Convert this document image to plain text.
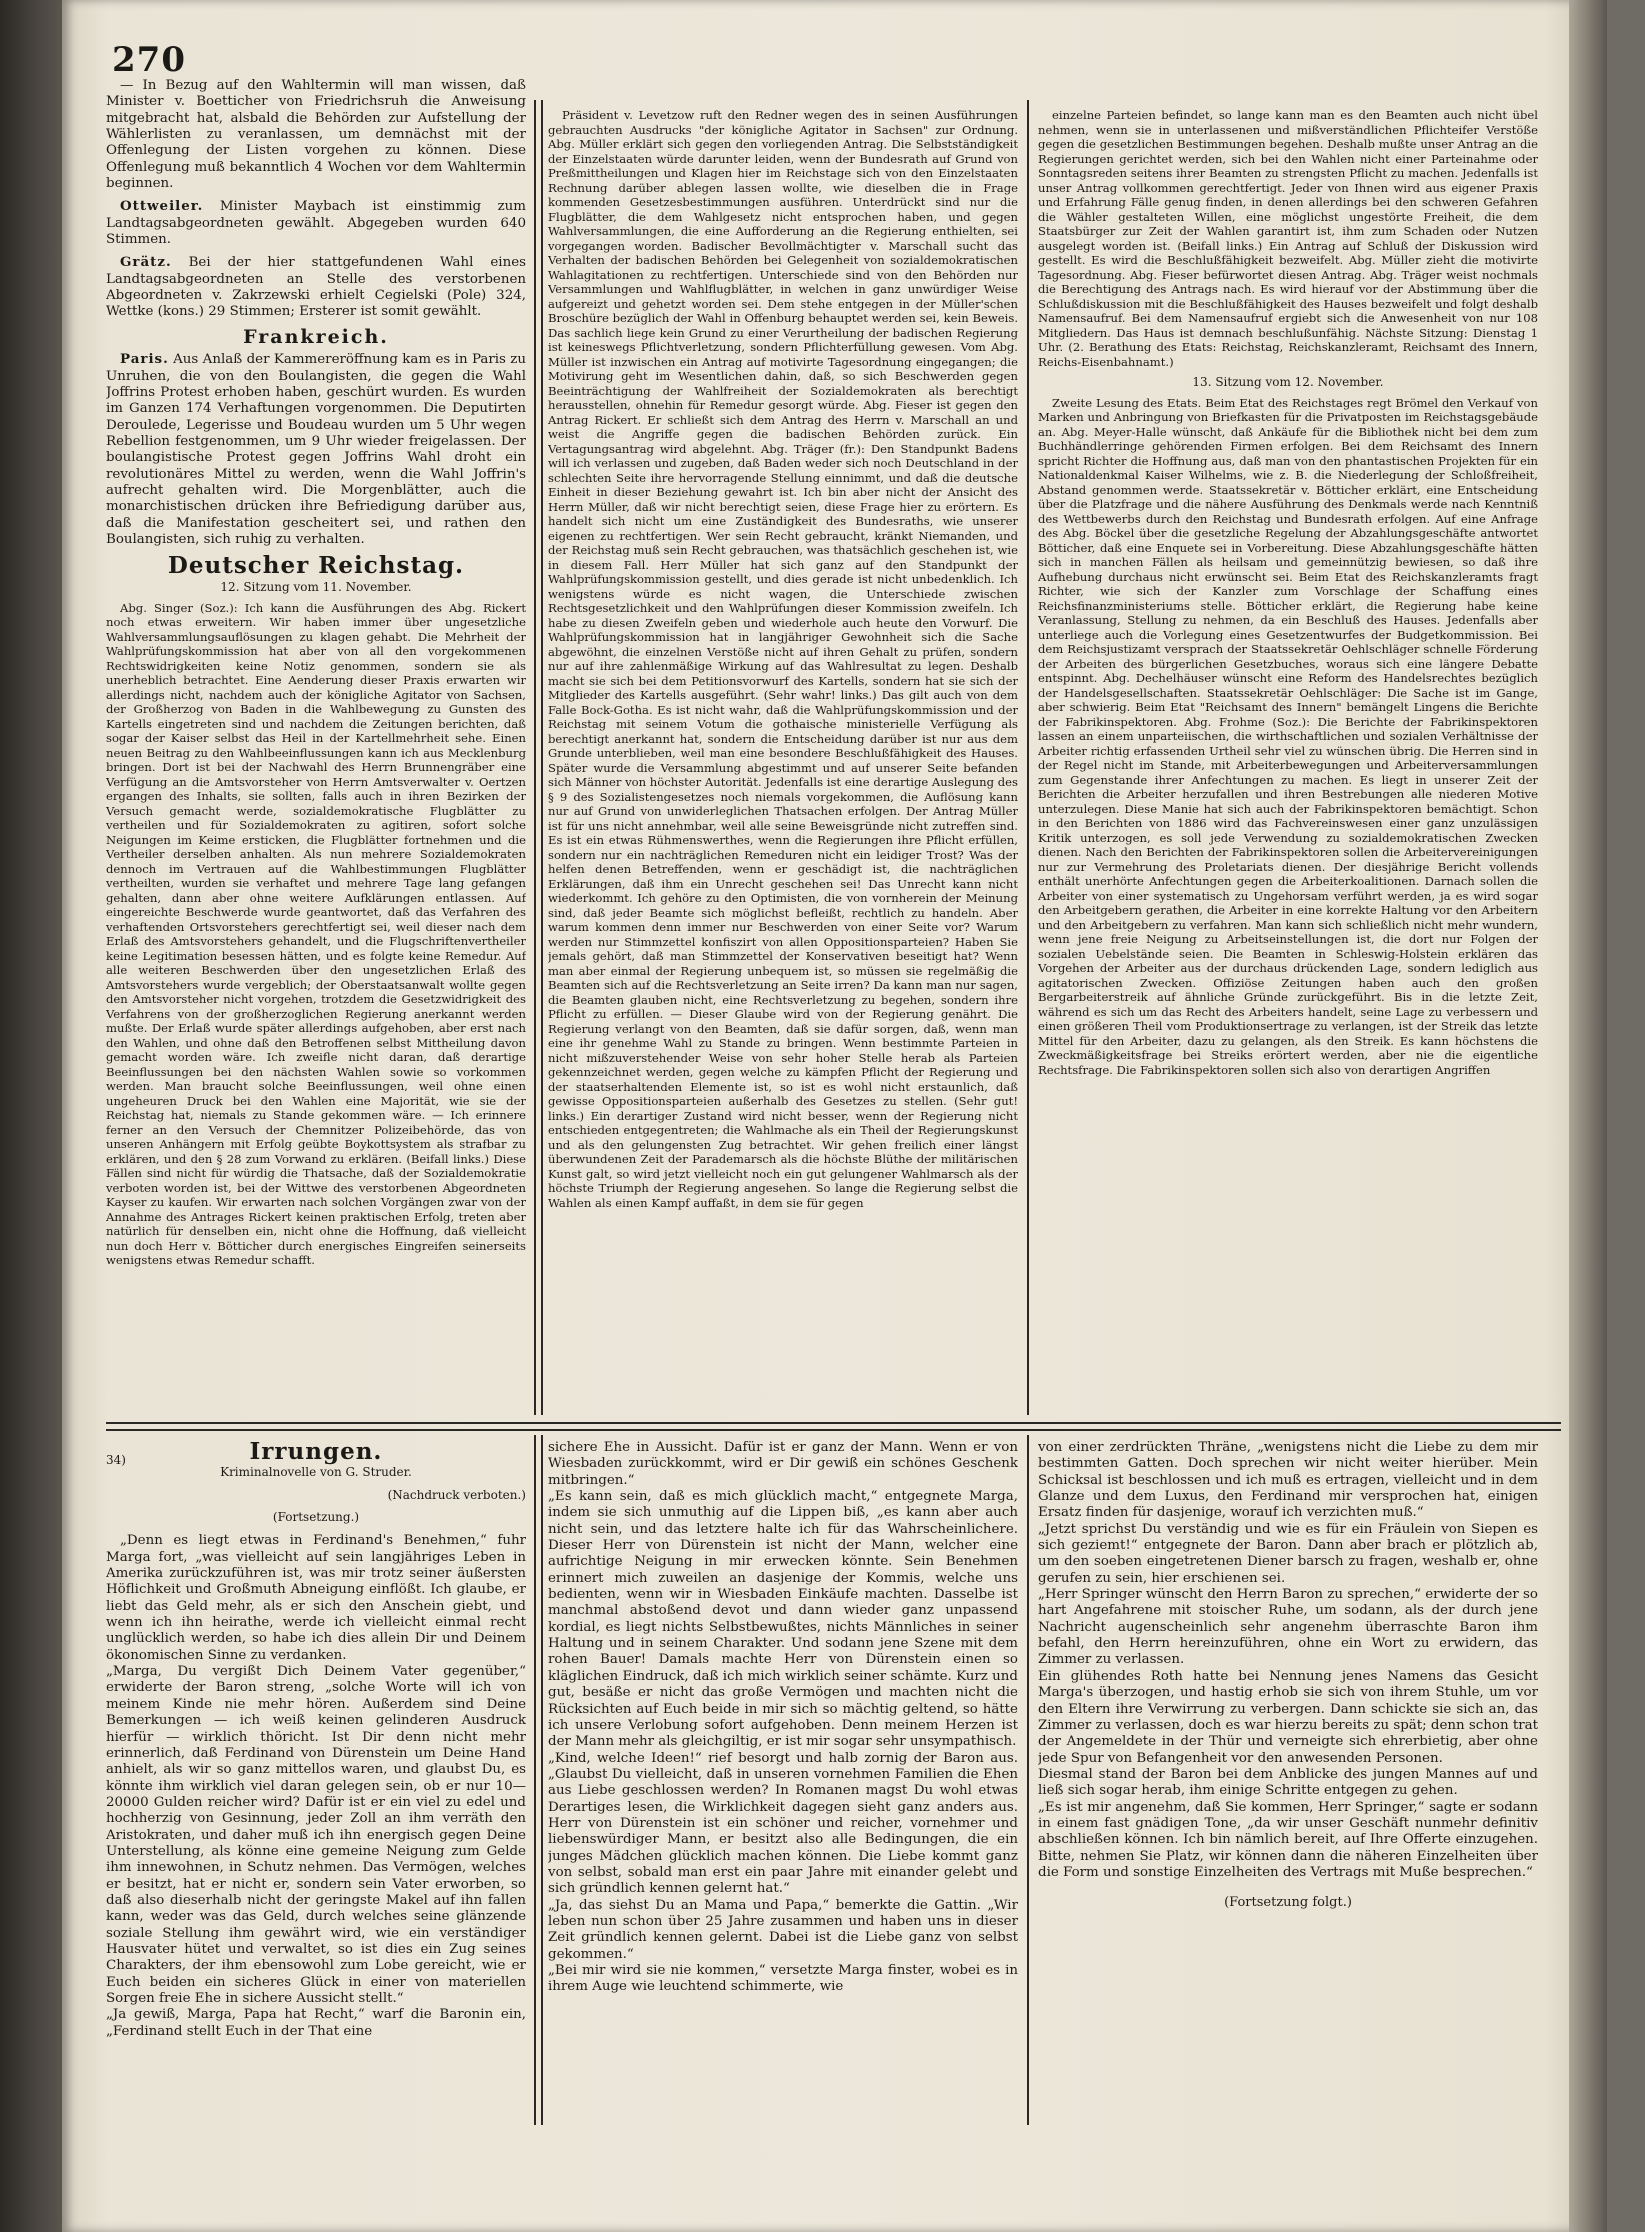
270

— In Bezug auf den Wahltermin will man wissen, daß Minister v. Boetticher von Friedrichsruh die Anweisung mitgebracht hat, alsbald die Behörden zur Aufstellung der Wählerlisten zu veranlassen, um demnächst mit der Offenlegung der Listen vorgehen zu können. Diese Offenlegung muß bekanntlich 4 Wochen vor dem Wahltermin beginnen.

Ottweiler. Minister Maybach ist einstimmig zum Landtagsabgeordneten gewählt. Abgegeben wurden 640 Stimmen.

Grätz. Bei der hier stattgefundenen Wahl eines Landtagsabgeordneten an Stelle des verstorbenen Abgeordneten v. Zakrzewski erhielt Cegielski (Pole) 324, Wettke (kons.) 29 Stimmen; Ersterer ist somit gewählt.

Frankreich.

Paris. Aus Anlaß der Kammereröffnung kam es in Paris zu Unruhen, die von den Boulangisten, die gegen die Wahl Joffrins Protest erhoben haben, geschürt wurden. Es wurden im Ganzen 174 Verhaftungen vorgenommen. Die Deputirten Deroulede, Legerisse und Boudeau wurden um 5 Uhr wegen Rebellion festgenommen, um 9 Uhr wieder freigelassen. Der boulangistische Protest gegen Joffrins Wahl droht ein revolutionäres Mittel zu werden, wenn die Wahl Joffrin's aufrecht gehalten wird. Die Morgenblätter, auch die monarchistischen drücken ihre Befriedigung darüber aus, daß die Manifestation gescheitert sei, und rathen den Boulangisten, sich ruhig zu verhalten.

Deutscher Reichstag.
12. Sitzung vom 11. November.

Abg. Singer (Soz.): Ich kann die Ausführungen des Abg. Rickert noch etwas erweitern. Wir haben immer über ungesetzliche Wahlversammlungsauflösungen zu klagen gehabt. Die Mehrheit der Wahlprüfungskommission hat aber von all den vorgekommenen Rechtswidrigkeiten keine Notiz genommen, sondern sie als unerheblich betrachtet. Eine Aenderung dieser Praxis erwarten wir allerdings nicht, nachdem auch der königliche Agitator von Sachsen, der Großherzog von Baden in die Wahlbewegung zu Gunsten des Kartells eingetreten sind und nachdem die Zeitungen berichten, daß sogar der Kaiser selbst das Heil in der Kartellmehrheit sehe. Einen neuen Beitrag zu den Wahlbeeinflussungen kann ich aus Mecklenburg bringen. Dort ist bei der Nachwahl des Herrn Brunnengräber eine Verfügung an die Amtsvorsteher von Herrn Amtsverwalter v. Oertzen ergangen des Inhalts, sie sollten, falls auch in ihren Bezirken der Versuch gemacht werde, sozialdemokratische Flugblätter zu vertheilen und für Sozialdemokraten zu agitiren, sofort solche Neigungen im Keime ersticken, die Flugblätter fortnehmen und die Vertheiler derselben anhalten. Als nun mehrere Sozialdemokraten dennoch im Vertrauen auf die Wahlbestimmungen Flugblätter vertheilten, wurden sie verhaftet und mehrere Tage lang gefangen gehalten, dann aber ohne weitere Aufklärungen entlassen. Auf eingereichte Beschwerde wurde geantwortet, daß das Verfahren des verhaftenden Ortsvorstehers gerechtfertigt sei, weil dieser nach dem Erlaß des Amtsvorstehers gehandelt, und die Flugschriftenvertheiler keine Legitimation besessen hätten, und es folgte keine Remedur. Auf alle weiteren Beschwerden über den ungesetzlichen Erlaß des Amtsvorstehers wurde vergeblich; der Oberstaatsanwalt wollte gegen den Amtsvorsteher nicht vorgehen, trotzdem die Gesetzwidrigkeit des Verfahrens von der großherzoglichen Regierung anerkannt werden mußte. Der Erlaß wurde später allerdings aufgehoben, aber erst nach den Wahlen, und ohne daß den Betroffenen selbst Mittheilung davon gemacht worden wäre. Ich zweifle nicht daran, daß derartige Beeinflussungen bei den nächsten Wahlen sowie so vorkommen werden. Man braucht solche Beeinflussungen, weil ohne einen ungeheuren Druck bei den Wahlen eine Majorität, wie sie der Reichstag hat, niemals zu Stande gekommen wäre. — Ich erinnere ferner an den Versuch der Chemnitzer Polizeibehörde, das von unseren Anhängern mit Erfolg geübte Boykottsystem als strafbar zu erklären, und den § 28 zum Vorwand zu erklären. (Beifall links.) Diese Fällen sind nicht für würdig die Thatsache, daß der Sozialdemokratie verboten worden ist, bei der Wittwe des verstorbenen Abgeordneten Kayser zu kaufen. Wir erwarten nach solchen Vorgängen zwar von der Annahme des Antrages Rickert keinen praktischen Erfolg, treten aber natürlich für denselben ein, nicht ohne die Hoffnung, daß vielleicht nun doch Herr v. Bötticher durch energisches Eingreifen seinerseits wenigstens etwas Remedur schafft.

Präsident v. Levetzow ruft den Redner wegen des in seinen Ausführungen gebrauchten Ausdrucks "der königliche Agitator in Sachsen" zur Ordnung. Abg. Müller erklärt sich gegen den vorliegenden Antrag. Die Selbstständigkeit der Einzelstaaten würde darunter leiden, wenn der Bundesrath auf Grund von Preßmittheilungen und Klagen hier im Reichstage sich von den Einzelstaaten Rechnung darüber ablegen lassen wollte, wie dieselben die in Frage kommenden Gesetzesbestimmungen ausführen. Unterdrückt sind nur die Flugblätter, die dem Wahlgesetz nicht entsprochen haben, und gegen Wahlversammlungen, die eine Aufforderung an die Regierung enthielten, sei vorgegangen worden. Badischer Bevollmächtigter v. Marschall sucht das Verhalten der badischen Behörden bei Gelegenheit von sozialdemokratischen Wahlagitationen zu rechtfertigen. Unterschiede sind von den Behörden nur Versammlungen und Wahlflugblätter, in welchen in ganz unwürdiger Weise aufgereizt und gehetzt worden sei. Dem stehe entgegen in der Müller'schen Broschüre bezüglich der Wahl in Offenburg behauptet werden sei, kein Beweis. Das sachlich liege kein Grund zu einer Verurtheilung der badischen Regierung ist keineswegs Pflichtverletzung, sondern Pflichterfüllung gewesen. Vom Abg. Müller ist inzwischen ein Antrag auf motivirte Tagesordnung eingegangen; die Motivirung geht im Wesentlichen dahin, daß, so sich Beschwerden gegen Beeinträchtigung der Wahlfreiheit der Sozialdemokraten als berechtigt herausstellen, ohnehin für Remedur gesorgt würde. Abg. Fieser ist gegen den Antrag Rickert. Er schließt sich dem Antrag des Herrn v. Marschall an und weist die Angriffe gegen die badischen Behörden zurück. Ein Vertagungsantrag wird abgelehnt. Abg. Träger (fr.): Den Standpunkt Badens will ich verlassen und zugeben, daß Baden weder sich noch Deutschland in der schlechten Seite ihre hervorragende Stellung einnimmt, und daß die deutsche Einheit in dieser Beziehung gewahrt ist. Ich bin aber nicht der Ansicht des Herrn Müller, daß wir nicht berechtigt seien, diese Frage hier zu erörtern. Es handelt sich nicht um eine Zuständigkeit des Bundesraths, wie unserer eigenen zu rechtfertigen. Wer sein Recht gebraucht, kränkt Niemanden, und der Reichstag muß sein Recht gebrauchen, was thatsächlich geschehen ist, wie in diesem Fall. Herr Müller hat sich ganz auf den Standpunkt der Wahlprüfungskommission gestellt, und dies gerade ist nicht unbedenklich. Ich wenigstens würde es nicht wagen, die Unterschiede zwischen Rechtsgesetzlichkeit und den Wahlprüfungen dieser Kommission zweifeln. Ich habe zu diesen Zweifeln geben und wiederhole auch heute den Vorwurf. Die Wahlprüfungskommission hat in langjähriger Gewohnheit sich die Sache abgewöhnt, die einzelnen Verstöße nicht auf ihren Gehalt zu prüfen, sondern nur auf ihre zahlenmäßige Wirkung auf das Wahlresultat zu legen. Deshalb macht sie sich bei dem Petitionsvorwurf des Kartells, sondern hat sie sich der Mitglieder des Kartells ausgeführt. (Sehr wahr! links.) Das gilt auch von dem Falle Bock-Gotha. Es ist nicht wahr, daß die Wahlprüfungskommission und der Reichstag mit seinem Votum die gothaische ministerielle Verfügung als berechtigt anerkannt hat, sondern die Entscheidung darüber ist nur aus dem Grunde unterblieben, weil man eine besondere Beschlußfähigkeit des Hauses. Später wurde die Versammlung abgestimmt und auf unserer Seite befanden sich Männer von höchster Autorität. Jedenfalls ist eine derartige Auslegung des § 9 des Sozialistengesetzes noch niemals vorgekommen, die Auflösung kann nur auf Grund von unwiderleglichen Thatsachen erfolgen. Der Antrag Müller ist für uns nicht annehmbar, weil alle seine Beweisgründe nicht zutreffen sind. Es ist ein etwas Rühmenswerthes, wenn die Regierungen ihre Pflicht erfüllen, sondern nur ein nachträglichen Remeduren nicht ein leidiger Trost? Was der helfen denen Betreffenden, wenn er geschädigt ist, die nachträglichen Erklärungen, daß ihm ein Unrecht geschehen sei! Das Unrecht kann nicht wiederkommt. Ich gehöre zu den Optimisten, die von vornherein der Meinung sind, daß jeder Beamte sich möglichst befleißt, rechtlich zu handeln. Aber warum kommen denn immer nur Beschwerden von einer Seite vor? Warum werden nur Stimmzettel konfiszirt von allen Oppositionsparteien? Haben Sie jemals gehört, daß man Stimmzettel der Konservativen beseitigt hat? Wenn man aber einmal der Regierung unbequem ist, so müssen sie regelmäßig die Beamten sich auf die Rechtsverletzung an Seite irren? Da kann man nur sagen, die Beamten glauben nicht, eine Rechtsverletzung zu begehen, sondern ihre Pflicht zu erfüllen. — Dieser Glaube wird von der Regierung genährt. Die Regierung verlangt von den Beamten, daß sie dafür sorgen, daß, wenn man eine ihr genehme Wahl zu Stande zu bringen. Wenn bestimmte Parteien in nicht mißzuverstehender Weise von sehr hoher Stelle herab als Parteien gekennzeichnet werden, gegen welche zu kämpfen Pflicht der Regierung und der staatserhaltenden Elemente ist, so ist es wohl nicht erstaunlich, daß gewisse Oppositionsparteien außerhalb des Gesetzes zu stellen. (Sehr gut! links.) Ein derartiger Zustand wird nicht besser, wenn der Regierung nicht entschieden entgegentreten; die Wahlmache als ein Theil der Regierungskunst und als den gelungensten Zug betrachtet. Wir gehen freilich einer längst überwundenen Zeit der Parademarsch als die höchste Blüthe der militärischen Kunst galt, so wird jetzt vielleicht noch ein gut gelungener Wahlmarsch als der höchste Triumph der Regierung angesehen. So lange die Regierung selbst die Wahlen als einen Kampf auffaßt, in dem sie für gegen

einzelne Parteien befindet, so lange kann man es den Beamten auch nicht übel nehmen, wenn sie in unterlassenen und mißverständlichen Pflichteifer Verstöße gegen die gesetzlichen Bestimmungen begehen. Deshalb mußte unser Antrag an die Regierungen gerichtet werden, sich bei den Wahlen nicht einer Parteinahme oder Sonntagsreden seitens ihrer Beamten zu strengsten Pflicht zu machen. Jedenfalls ist unser Antrag vollkommen gerechtfertigt. Jeder von Ihnen wird aus eigener Praxis und Erfahrung Fälle genug finden, in denen allerdings bei den schweren Gefahren die Wähler gestalteten Willen, eine möglichst ungestörte Freiheit, die dem Staatsbürger zur Zeit der Wahlen garantirt ist, ihm zum Schaden oder Nutzen ausgelegt worden ist. (Beifall links.) Ein Antrag auf Schluß der Diskussion wird gestellt. Es wird die Beschlußfähigkeit bezweifelt. Abg. Müller zieht die motivirte Tagesordnung. Abg. Fieser befürwortet diesen Antrag. Abg. Träger weist nochmals die Berechtigung des Antrags nach. Es wird hierauf vor der Abstimmung über die Schlußdiskussion mit die Beschlußfähigkeit des Hauses bezweifelt und folgt deshalb Namensaufruf. Bei dem Namensaufruf ergiebt sich die Anwesenheit von nur 108 Mitgliedern. Das Haus ist demnach beschlußunfähig. Nächste Sitzung: Dienstag 1 Uhr. (2. Berathung des Etats: Reichstag, Reichskanzleramt, Reichsamt des Innern, Reichs-Eisenbahnamt.)

13. Sitzung vom 12. November.

Zweite Lesung des Etats. Beim Etat des Reichstages regt Brömel den Verkauf von Marken und Anbringung von Briefkasten für die Privatposten im Reichstagsgebäude an. Abg. Meyer-Halle wünscht, daß Ankäufe für die Bibliothek nicht bei dem zum Buchhändlerringe gehörenden Firmen erfolgen. Bei dem Reichsamt des Innern spricht Richter die Hoffnung aus, daß man von den phantastischen Projekten für ein Nationaldenkmal Kaiser Wilhelms, wie z. B. die Niederlegung der Schloßfreiheit, Abstand genommen werde. Staatssekretär v. Bötticher erklärt, eine Entscheidung über die Platzfrage und die nähere Ausführung des Denkmals werde nach Kenntniß des Wettbewerbs durch den Reichstag und Bundesrath erfolgen. Auf eine Anfrage des Abg. Böckel über die gesetzliche Regelung der Abzahlungsgeschäfte antwortet Bötticher, daß eine Enquete sei in Vorbereitung. Diese Abzahlungsgeschäfte hätten sich in manchen Fällen als heilsam und gemeinnützig bewiesen, so daß ihre Aufhebung durchaus nicht erwünscht sei. Beim Etat des Reichskanzleramts fragt Richter, wie sich der Kanzler zum Vorschlage der Schaffung eines Reichsfinanzministeriums stelle. Bötticher erklärt, die Regierung habe keine Veranlassung, Stellung zu nehmen, da ein Beschluß des Hauses. Jedenfalls aber unterliege auch die Vorlegung eines Gesetzentwurfes der Budgetkommission. Bei dem Reichsjustizamt versprach der Staatssekretär Oehlschläger schnelle Förderung der Arbeiten des bürgerlichen Gesetzbuches, woraus sich eine längere Debatte entspinnt. Abg. Dechelhäuser wünscht eine Reform des Handelsrechtes bezüglich der Handelsgesellschaften. Staatssekretär Oehlschläger: Die Sache ist im Gange, aber schwierig. Beim Etat "Reichsamt des Innern" bemängelt Lingens die Berichte der Fabrikinspektoren. Abg. Frohme (Soz.): Die Berichte der Fabrikinspektoren lassen an einem unparteiischen, die wirthschaftlichen und sozialen Verhältnisse der Arbeiter richtig erfassenden Urtheil sehr viel zu wünschen übrig. Die Herren sind in der Regel nicht im Stande, mit Arbeiterbewegungen und Arbeiterversammlungen zum Gegenstande ihrer Anfechtungen zu machen. Es liegt in unserer Zeit der Berichten die Arbeiter herzufallen und ihren Bestrebungen alle niederen Motive unterzulegen. Diese Manie hat sich auch der Fabrikinspektoren bemächtigt. Schon in den Berichten von 1886 wird das Fachvereinswesen einer ganz unzulässigen Kritik unterzogen, es soll jede Verwendung zu sozialdemokratischen Zwecken dienen. Nach den Berichten der Fabrikinspektoren sollen die Arbeitervereinigungen nur zur Vermehrung des Proletariats dienen. Der diesjährige Bericht vollends enthält unerhörte Anfechtungen gegen die Arbeiterkoalitionen. Darnach sollen die Arbeiter von einer systematisch zu Ungehorsam verführt werden, ja es wird sogar den Arbeitgebern gerathen, die Arbeiter in eine korrekte Haltung vor den Arbeitern und den Arbeitgebern zu verfahren. Man kann sich schließlich nicht mehr wundern, wenn jene freie Neigung zu Arbeitseinstellungen ist, die dort nur Folgen der sozialen Uebelstände seien. Die Beamten in Schleswig-Holstein erklären das Vorgehen der Arbeiter aus der durchaus drückenden Lage, sondern lediglich aus agitatorischen Zwecken. Offiziöse Zeitungen haben auch den großen Bergarbeiterstreik auf ähnliche Gründe zurückgeführt. Bis in die letzte Zeit, während es sich um das Recht des Arbeiters handelt, seine Lage zu verbessern und einen größeren Theil vom Produktionsertrage zu verlangen, ist der Streik das letzte Mittel für den Arbeiter, dazu zu gelangen, als den Streik. Es kann höchstens die Zweckmäßigkeitsfrage bei Streiks erörtert werden, aber nie die eigentliche Rechtsfrage. Die Fabrikinspektoren sollen sich also von derartigen Angriffen

34)	Irrungen.
Kriminalnovelle von G. Struder.
(Nachdruck verboten.)
(Fortsetzung.)

„Denn es liegt etwas in Ferdinand's Benehmen,“ fuhr Marga fort, „was vielleicht auf sein langjähriges Leben in Amerika zurückzuführen ist, was mir trotz seiner äußersten Höflichkeit und Großmuth Abneigung einflößt. Ich glaube, er liebt das Geld mehr, als er sich den Anschein giebt, und wenn ich ihn heirathe, werde ich vielleicht einmal recht unglücklich werden, so habe ich dies allein Dir und Deinem ökonomischen Sinne zu verdanken.
„Marga, Du vergißt Dich Deinem Vater gegenüber,“ erwiderte der Baron streng, „solche Worte will ich von meinem Kinde nie mehr hören. Außerdem sind Deine Bemerkungen — ich weiß keinen gelinderen Ausdruck hierfür — wirklich thöricht. Ist Dir denn nicht mehr erinnerlich, daß Ferdinand von Dürenstein um Deine Hand anhielt, als wir so ganz mittellos waren, und glaubst Du, es könnte ihm wirklich viel daran gelegen sein, ob er nur 10—20000 Gulden reicher wird? Dafür ist er ein viel zu edel und hochherzig von Gesinnung, jeder Zoll an ihm verräth den Aristokraten, und daher muß ich ihn energisch gegen Deine Unterstellung, als könne eine gemeine Neigung zum Gelde ihm innewohnen, in Schutz nehmen. Das Vermögen, welches er besitzt, hat er nicht er, sondern sein Vater erworben, so daß also dieserhalb nicht der geringste Makel auf ihn fallen kann, weder was das Geld, durch welches seine glänzende soziale Stellung ihm gewährt wird, wie ein verständiger Hausvater hütet und verwaltet, so ist dies ein Zug seines Charakters, der ihm ebensowohl zum Lobe gereicht, wie er Euch beiden ein sicheres Glück in einer von materiellen Sorgen freie Ehe in sichere Aussicht stellt.“
„Ja gewiß, Marga, Papa hat Recht,“ warf die Baronin ein, „Ferdinand stellt Euch in der That eine

sichere Ehe in Aussicht. Dafür ist er ganz der Mann. Wenn er von Wiesbaden zurückkommt, wird er Dir gewiß ein schönes Geschenk mitbringen.“
„Es kann sein, daß es mich glücklich macht,“ entgegnete Marga, indem sie sich unmuthig auf die Lippen biß, „es kann aber auch nicht sein, und das letztere halte ich für das Wahrscheinlichere. Dieser Herr von Dürenstein ist nicht der Mann, welcher eine aufrichtige Neigung in mir erwecken könnte. Sein Benehmen erinnert mich zuweilen an dasjenige der Kommis, welche uns bedienten, wenn wir in Wiesbaden Einkäufe machten. Dasselbe ist manchmal abstoßend devot und dann wieder ganz unpassend kordial, es liegt nichts Selbstbewußtes, nichts Männliches in seiner Haltung und in seinem Charakter. Und sodann jene Szene mit dem rohen Bauer! Damals machte Herr von Dürenstein einen so kläglichen Eindruck, daß ich mich wirklich seiner schämte. Kurz und gut, besäße er nicht das große Vermögen und machten nicht die Rücksichten auf Euch beide in mir sich so mächtig geltend, so hätte ich unsere Verlobung sofort aufgehoben. Denn meinem Herzen ist der Mann mehr als gleichgiltig, er ist mir sogar sehr unsympathisch.
„Kind, welche Ideen!“ rief besorgt und halb zornig der Baron aus. „Glaubst Du vielleicht, daß in unseren vornehmen Familien die Ehen aus Liebe geschlossen werden? In Romanen magst Du wohl etwas Derartiges lesen, die Wirklichkeit dagegen sieht ganz anders aus. Herr von Dürenstein ist ein schöner und reicher, vornehmer und liebenswürdiger Mann, er besitzt also alle Bedingungen, die ein junges Mädchen glücklich machen können. Die Liebe kommt ganz von selbst, sobald man erst ein paar Jahre mit einander gelebt und sich gründlich kennen gelernt hat.“
„Ja, das siehst Du an Mama und Papa,“ bemerkte die Gattin. „Wir leben nun schon über 25 Jahre zusammen und haben uns in dieser Zeit gründlich kennen gelernt. Dabei ist die Liebe ganz von selbst gekommen.“
„Bei mir wird sie nie kommen,“ versetzte Marga finster, wobei es in ihrem Auge wie leuchtend schimmerte, wie

von einer zerdrückten Thräne, „wenigstens nicht die Liebe zu dem mir bestimmten Gatten. Doch sprechen wir nicht weiter hierüber. Mein Schicksal ist beschlossen und ich muß es ertragen, vielleicht und in dem Glanze und dem Luxus, den Ferdinand mir versprochen hat, einigen Ersatz finden für dasjenige, worauf ich verzichten muß.“
„Jetzt sprichst Du verständig und wie es für ein Fräulein von Siepen es sich geziemt!“ entgegnete der Baron. Dann aber brach er plötzlich ab, um den soeben eingetretenen Diener barsch zu fragen, weshalb er, ohne gerufen zu sein, hier erschienen sei.
„Herr Springer wünscht den Herrn Baron zu sprechen,“ erwiderte der so hart Angefahrene mit stoischer Ruhe, um sodann, als der durch jene Nachricht augenscheinlich sehr angenehm überraschte Baron ihm befahl, den Herrn hereinzuführen, ohne ein Wort zu erwidern, das Zimmer zu verlassen.
Ein glühendes Roth hatte bei Nennung jenes Namens das Gesicht Marga's überzogen, und hastig erhob sie sich von ihrem Stuhle, um vor den Eltern ihre Verwirrung zu verbergen. Dann schickte sie sich an, das Zimmer zu verlassen, doch es war hierzu bereits zu spät; denn schon trat der Angemeldete in der Thür und verneigte sich ehrerbietig, aber ohne jede Spur von Befangenheit vor den anwesenden Personen.
Diesmal stand der Baron bei dem Anblicke des jungen Mannes auf und ließ sich sogar herab, ihm einige Schritte entgegen zu gehen.
„Es ist mir angenehm, daß Sie kommen, Herr Springer,“ sagte er sodann in einem fast gnädigen Tone, „da wir unser Geschäft nunmehr definitiv abschließen können. Ich bin nämlich bereit, auf Ihre Offerte einzugehen. Bitte, nehmen Sie Platz, wir können dann die näheren Einzelheiten über die Form und sonstige Einzelheiten des Vertrags mit Muße besprechen.“

(Fortsetzung folgt.)
